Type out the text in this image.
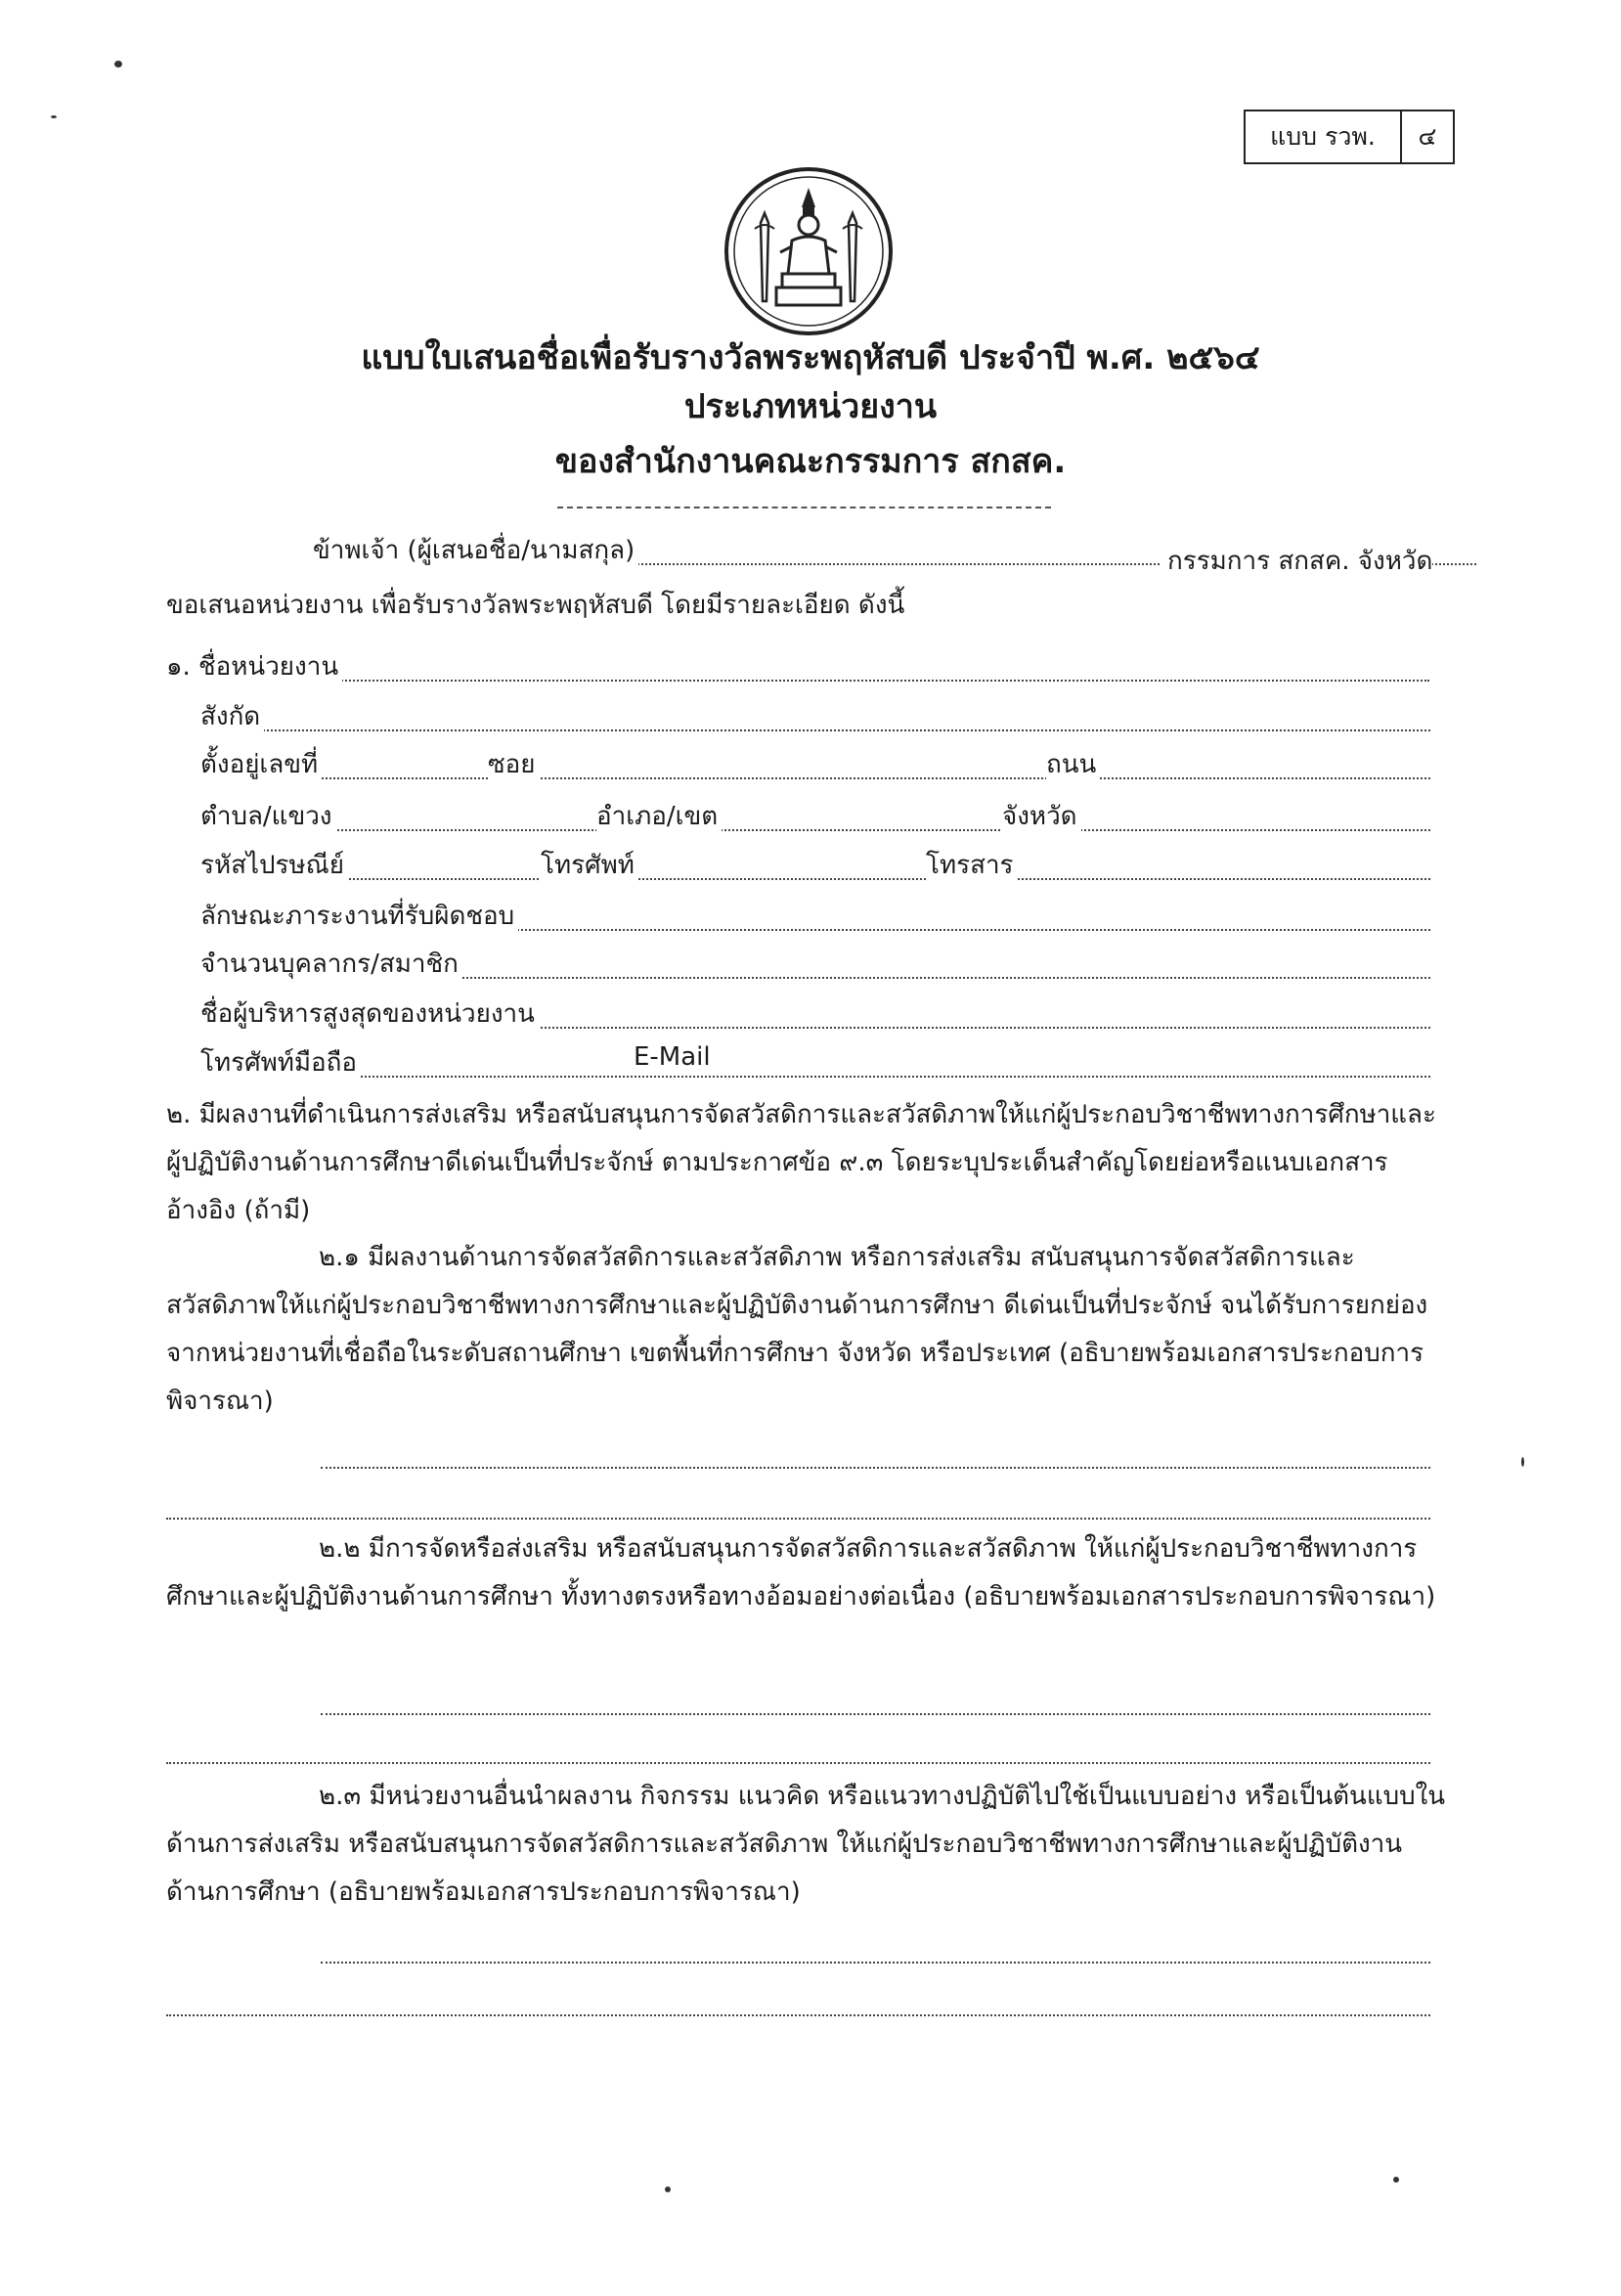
แบบ รวพ.	๔
แบบใบเสนอชื่อเพื่อรับรางวัลพระพฤหัสบดี ประจำปี พ.ศ. ๒๕๖๔
ประเภทหน่วยงาน
ของสำนักงานคณะกรรมการ สกสค.
ข้าพเจ้า (ผู้เสนอชื่อ/นามสกุล)	กรรมการ สกสค. จังหวัด
ขอเสนอหน่วยงาน เพื่อรับรางวัลพระพฤหัสบดี โดยมีรายละเอียด ดังนี้
๑. ชื่อหน่วยงาน
สังกัด
ตั้งอยู่เลขที่	ซอย	ถนน
ตำบล/แขวง	อำเภอ/เขต	จังหวัด
รหัสไปรษณีย์	โทรศัพท์	โทรสาร
ลักษณะภาระงานที่รับผิดชอบ
จำนวนบุคลากร/สมาชิก
ชื่อผู้บริหารสูงสุดของหน่วยงาน
โทรศัพท์มือถือ	E-Mail
๒. มีผลงานที่ดำเนินการส่งเสริม หรือสนับสนุนการจัดสวัสดิการและสวัสดิภาพให้แก่ผู้ประกอบวิชาชีพทางการศึกษาและผู้ปฏิบัติงานด้านการศึกษาดีเด่นเป็นที่ประจักษ์ ตามประกาศข้อ ๙.๓ โดยระบุประเด็นสำคัญโดยย่อหรือแนบเอกสารอ้างอิง (ถ้ามี)
๒.๑ มีผลงานด้านการจัดสวัสดิการและสวัสดิภาพ หรือการส่งเสริม สนับสนุนการจัดสวัสดิการและสวัสดิภาพให้แก่ผู้ประกอบวิชาชีพทางการศึกษาและผู้ปฏิบัติงานด้านการศึกษา ดีเด่นเป็นที่ประจักษ์ จนได้รับการยกย่อง จากหน่วยงานที่เชื่อถือในระดับสถานศึกษา เขตพื้นที่การศึกษา จังหวัด หรือประเทศ (อธิบายพร้อมเอกสารประกอบการพิจารณา)
๒.๒ มีการจัดหรือส่งเสริม หรือสนับสนุนการจัดสวัสดิการและสวัสดิภาพ ให้แก่ผู้ประกอบวิชาชีพทางการศึกษาและผู้ปฏิบัติงานด้านการศึกษา ทั้งทางตรงหรือทางอ้อมอย่างต่อเนื่อง (อธิบายพร้อมเอกสารประกอบการพิจารณา)
๒.๓ มีหน่วยงานอื่นนำผลงาน กิจกรรม แนวคิด หรือแนวทางปฏิบัติไปใช้เป็นแบบอย่าง หรือเป็นต้นแบบในด้านการส่งเสริม หรือสนับสนุนการจัดสวัสดิการและสวัสดิภาพ ให้แก่ผู้ประกอบวิชาชีพทางการศึกษาและผู้ปฏิบัติงานด้านการศึกษา (อธิบายพร้อมเอกสารประกอบการพิจารณา)
